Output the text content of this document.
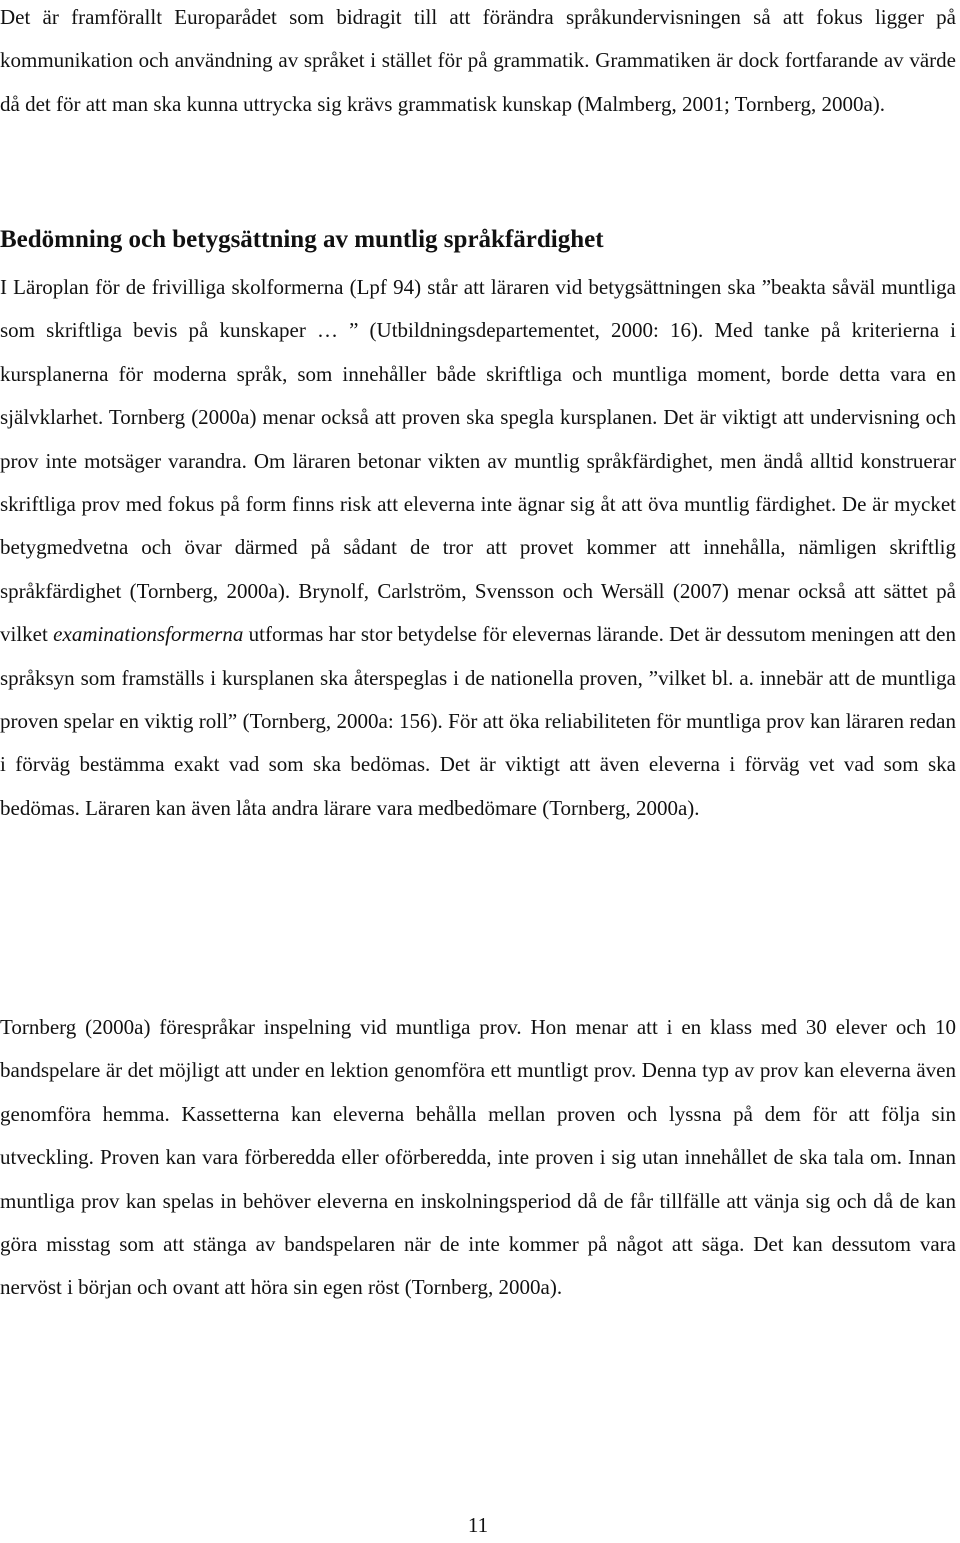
Det är framförallt Europarådet som bidragit till att förändra språkundervisningen så att fokus ligger på kommunikation och användning av språket i stället för på grammatik. Grammatiken är dock fortfarande av värde då det för att man ska kunna uttrycka sig krävs grammatisk kunskap (Malmberg, 2001; Tornberg, 2000a).

Bedömning och betygsättning av muntlig språkfärdighet

I Läroplan för de frivilliga skolformerna (Lpf 94) står att läraren vid betygsättningen ska ”beakta såväl muntliga som skriftliga bevis på kunskaper … ” (Utbildningsdepartementet, 2000: 16). Med tanke på kriterierna i kursplanerna för moderna språk, som innehåller både skriftliga och muntliga moment, borde detta vara en självklarhet. Tornberg (2000a) menar också att proven ska spegla kursplanen. Det är viktigt att undervisning och prov inte motsäger varandra. Om läraren betonar vikten av muntlig språkfärdighet, men ändå alltid konstruerar skriftliga prov med fokus på form finns risk att eleverna inte ägnar sig åt att öva muntlig färdighet. De är mycket betygmedvetna och övar därmed på sådant de tror att provet kommer att innehålla, nämligen skriftlig språkfärdighet (Tornberg, 2000a). Brynolf, Carlström, Svensson och Wersäll (2007) menar också att sättet på vilket examinationsformerna utformas har stor betydelse för elevernas lärande. Det är dessutom meningen att den språksyn som framställs i kursplanen ska återspeglas i de nationella proven, ”vilket bl. a. innebär att de muntliga proven spelar en viktig roll” (Tornberg, 2000a: 156). För att öka reliabiliteten för muntliga prov kan läraren redan i förväg bestämma exakt vad som ska bedömas. Det är viktigt att även eleverna i förväg vet vad som ska bedömas. Läraren kan även låta andra lärare vara medbedömare (Tornberg, 2000a).

Tornberg (2000a) förespråkar inspelning vid muntliga prov. Hon menar att i en klass med 30 elever och 10 bandspelare är det möjligt att under en lektion genomföra ett muntligt prov. Denna typ av prov kan eleverna även genomföra hemma. Kassetterna kan eleverna behålla mellan proven och lyssna på dem för att följa sin utveckling. Proven kan vara förberedda eller oförberedda, inte proven i sig utan innehållet de ska tala om. Innan muntliga prov kan spelas in behöver eleverna en inskolningsperiod då de får tillfälle att vänja sig och då de kan göra misstag som att stänga av bandspelaren när de inte kommer på något att säga. Det kan dessutom vara nervöst i början och ovant att höra sin egen röst (Tornberg, 2000a).

11
